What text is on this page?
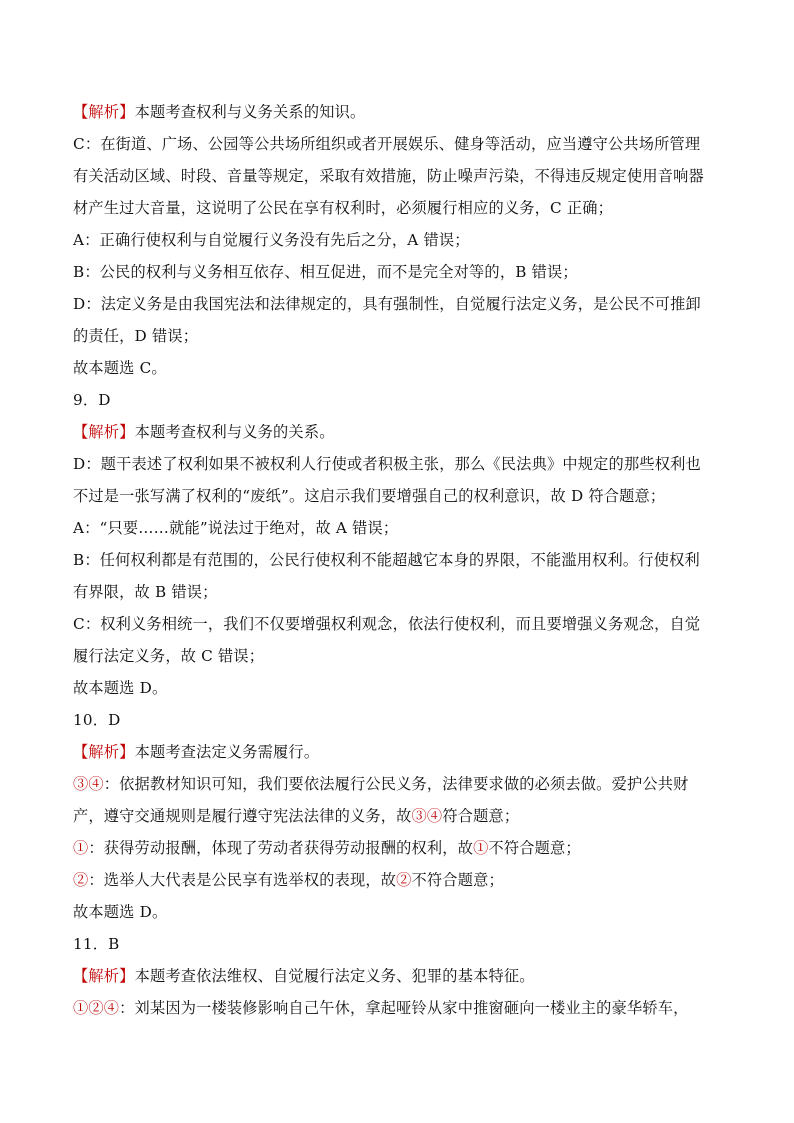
【解析】本题考查权利与义务关系的知识。
C：在街道、广场、公园等公共场所组织或者开展娱乐、健身等活动，应当遵守公共场所管理
有关活动区域、时段、音量等规定，采取有效措施，防止噪声污染，不得违反规定使用音响器
材产生过大音量，这说明了公民在享有权利时，必须履行相应的义务，C 正确；
A：正确行使权利与自觉履行义务没有先后之分，A 错误；
B：公民的权利与义务相互依存、相互促进，而不是完全对等的，B 错误；
D：法定义务是由我国宪法和法律规定的，具有强制性，自觉履行法定义务，是公民不可推卸
的责任，D 错误；
故本题选 C。
9．D
【解析】本题考查权利与义务的关系。
D：题干表述了权利如果不被权利人行使或者积极主张，那么《民法典》中规定的那些权利也
不过是一张写满了权利的“废纸”。这启示我们要增强自己的权利意识，故 D 符合题意；
A：“只要……就能”说法过于绝对，故 A 错误；
B：任何权利都是有范围的，公民行使权利不能超越它本身的界限，不能滥用权利。行使权利
有界限，故 B 错误；
C：权利义务相统一，我们不仅要增强权利观念，依法行使权利，而且要增强义务观念，自觉
履行法定义务，故 C 错误；
故本题选 D。
10．D
【解析】本题考查法定义务需履行。
③④：依据教材知识可知，我们要依法履行公民义务，法律要求做的必须去做。爱护公共财
产，遵守交通规则是履行遵守宪法法律的义务，故③④符合题意；
①：获得劳动报酬，体现了劳动者获得劳动报酬的权利，故①不符合题意；
②：选举人大代表是公民享有选举权的表现，故②不符合题意；
故本题选 D。
11．B
【解析】本题考查依法维权、自觉履行法定义务、犯罪的基本特征。
①②④：刘某因为一楼装修影响自己午休，拿起哑铃从家中推窗砸向一楼业主的豪华轿车，
